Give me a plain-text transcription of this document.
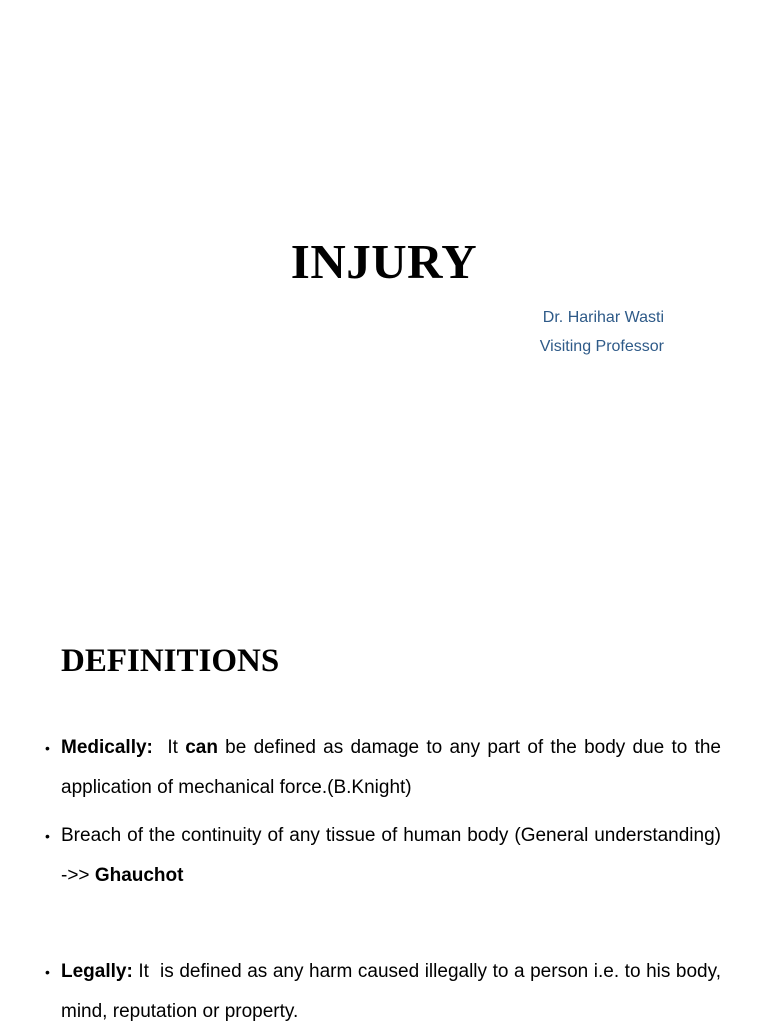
INJURY
Dr. Harihar Wasti
Visiting Professor
DEFINITIONS
• Medically:  It can be defined as damage to any part of the body due to the application of mechanical force.(B.Knight)
• Breach of the continuity of any tissue of human body (General understanding) ->> Ghauchot
• Legally: It  is defined as any harm caused illegally to a person i.e. to his body, mind, reputation or property.
